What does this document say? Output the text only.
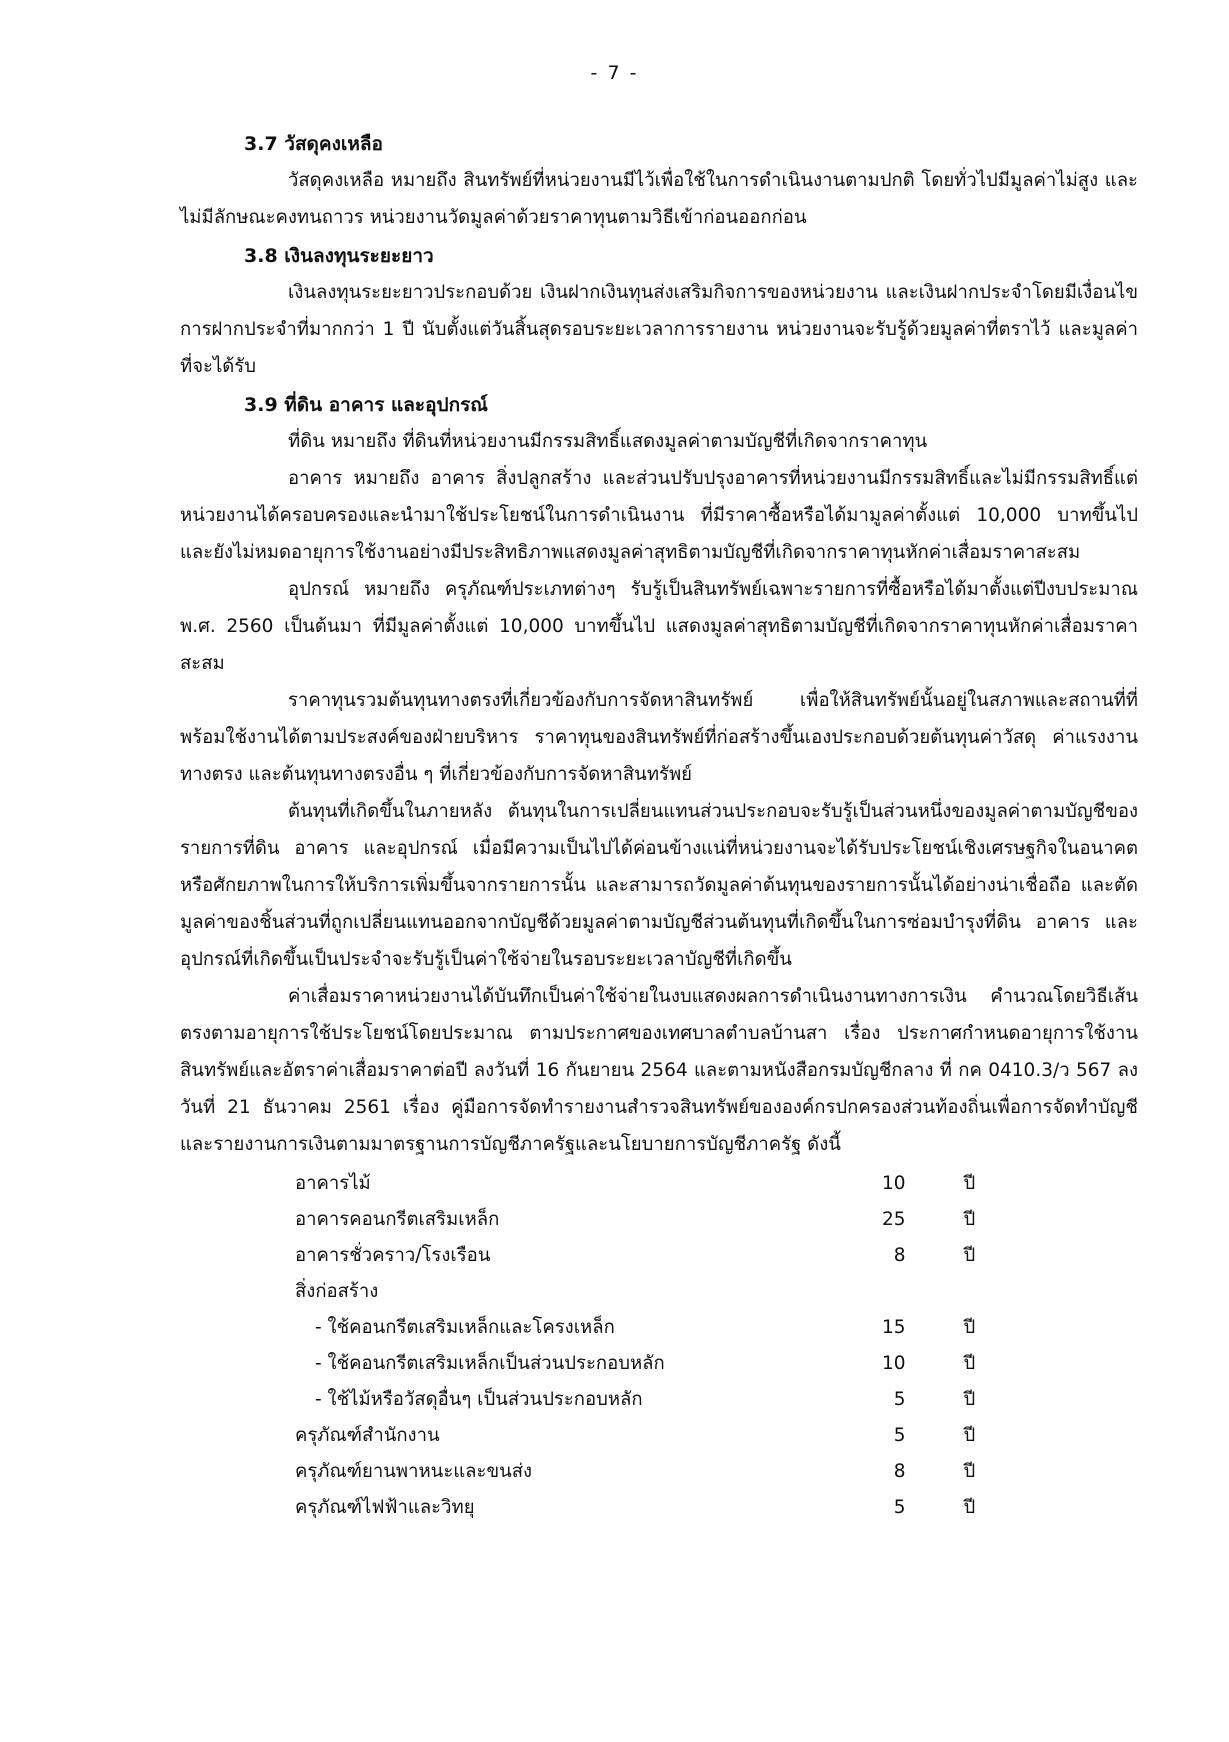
- 7 -
3.7 วัสดุคงเหลือ

วัสดุคงเหลือ หมายถึง สินทรัพย์ที่หน่วยงานมีไว้เพื่อใช้ในการดำเนินงานตามปกติ โดยทั่วไปมีมูลค่าไม่สูง และไม่มีลักษณะคงทนถาวร หน่วยงานวัดมูลค่าด้วยราคาทุนตามวิธีเข้าก่อนออกก่อน

3.8 เงินลงทุนระยะยาว

เงินลงทุนระยะยาวประกอบด้วย เงินฝากเงินทุนส่งเสริมกิจการของหน่วยงาน และเงินฝากประจำโดยมีเงื่อนไขการฝากประจำที่มากกว่า 1 ปี นับตั้งแต่วันสิ้นสุดรอบระยะเวลาการรายงาน หน่วยงานจะรับรู้ด้วยมูลค่าที่ตราไว้ และมูลค่าที่จะได้รับ

3.9 ที่ดิน อาคาร และอุปกรณ์

ที่ดิน หมายถึง ที่ดินที่หน่วยงานมีกรรมสิทธิ์แสดงมูลค่าตามบัญชีที่เกิดจากราคาทุน

อาคาร หมายถึง อาคาร สิ่งปลูกสร้าง และส่วนปรับปรุงอาคารที่หน่วยงานมีกรรมสิทธิ์และไม่มีกรรมสิทธิ์แต่หน่วยงานได้ครอบครองและนำมาใช้ประโยชน์ในการดำเนินงาน ที่มีราคาซื้อหรือได้มามูลค่าตั้งแต่ 10,000 บาทขึ้นไป และยังไม่หมดอายุการใช้งานอย่างมีประสิทธิภาพแสดงมูลค่าสุทธิตามบัญชีที่เกิดจากราคาทุนหักค่าเสื่อมราคาสะสม

อุปกรณ์ หมายถึง ครุภัณฑ์ประเภทต่างๆ รับรู้เป็นสินทรัพย์เฉพาะรายการที่ซื้อหรือได้มาตั้งแต่ปีงบประมาณ พ.ศ. 2560 เป็นต้นมา ที่มีมูลค่าตั้งแต่ 10,000 บาทขึ้นไป แสดงมูลค่าสุทธิตามบัญชีที่เกิดจากราคาทุนหักค่าเสื่อมราคาสะสม

ราคาทุนรวมต้นทุนทางตรงที่เกี่ยวข้องกับการจัดหาสินทรัพย์ เพื่อให้สินทรัพย์นั้นอยู่ในสภาพและสถานที่ที่พร้อมใช้งานได้ตามประสงค์ของฝ่ายบริหาร ราคาทุนของสินทรัพย์ที่ก่อสร้างขึ้นเองประกอบด้วยต้นทุนค่าวัสดุ ค่าแรงงานทางตรง และต้นทุนทางตรงอื่น ๆ ที่เกี่ยวข้องกับการจัดหาสินทรัพย์

ต้นทุนที่เกิดขึ้นในภายหลัง ต้นทุนในการเปลี่ยนแทนส่วนประกอบจะรับรู้เป็นส่วนหนึ่งของมูลค่าตามบัญชีของรายการที่ดิน อาคาร และอุปกรณ์ เมื่อมีความเป็นไปได้ค่อนข้างแน่ที่หน่วยงานจะได้รับประโยชน์เชิงเศรษฐกิจในอนาคตหรือศักยภาพในการให้บริการเพิ่มขึ้นจากรายการนั้น และสามารถวัดมูลค่าต้นทุนของรายการนั้นได้อย่างน่าเชื่อถือ และตัดมูลค่าของชิ้นส่วนที่ถูกเปลี่ยนแทนออกจากบัญชีด้วยมูลค่าตามบัญชีส่วนต้นทุนที่เกิดขึ้นในการซ่อมบำรุงที่ดิน อาคาร และอุปกรณ์ที่เกิดขึ้นเป็นประจำจะรับรู้เป็นค่าใช้จ่ายในรอบระยะเวลาบัญชีที่เกิดขึ้น

ค่าเสื่อมราคาหน่วยงานได้บันทึกเป็นค่าใช้จ่ายในงบแสดงผลการดำเนินงานทางการเงิน คำนวณโดยวิธีเส้นตรงตามอายุการใช้ประโยชน์โดยประมาณ ตามประกาศของเทศบาลตำบลบ้านสา เรื่อง ประกาศกำหนดอายุการใช้งานสินทรัพย์และอัตราค่าเสื่อมราคาต่อปี ลงวันที่ 16 กันยายน 2564 และตามหนังสือกรมบัญชีกลาง ที่ กค 0410.3/ว 567 ลงวันที่ 21 ธันวาคม 2561 เรื่อง คู่มือการจัดทำรายงานสำรวจสินทรัพย์ขององค์กรปกครองส่วนท้องถิ่นเพื่อการจัดทำบัญชีและรายงานการเงินตามมาตรฐานการบัญชีภาครัฐและนโยบายการบัญชีภาครัฐ ดังนี้

อาคารไม้	10	ปี
อาคารคอนกรีตเสริมเหล็ก	25	ปี
อาคารชั่วคราว/โรงเรือน	8	ปี
สิ่งก่อสร้าง		
- ใช้คอนกรีตเสริมเหล็กและโครงเหล็ก	15	ปี
- ใช้คอนกรีตเสริมเหล็กเป็นส่วนประกอบหลัก	10	ปี
- ใช้ไม้หรือวัสดุอื่นๆ เป็นส่วนประกอบหลัก	5	ปี
ครุภัณฑ์สำนักงาน	5	ปี
ครุภัณฑ์ยานพาหนะและขนส่ง	8	ปี
ครุภัณฑ์ไฟฟ้าและวิทยุ	5	ปี
